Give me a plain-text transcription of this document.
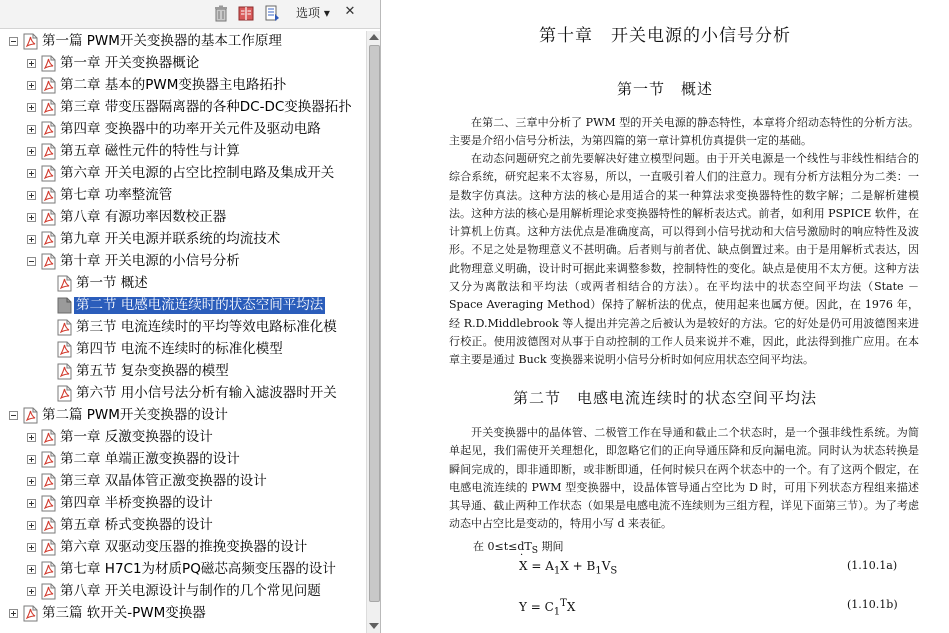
选项 ▾	✕
第一篇 PWM开关变换器的基本工作原理
第一章 开关变换器概论
第二章 基本的PWM变换器主电路拓扑
第三章 带变压器隔离器的各种DC-DC变换器拓扑
第四章 变换器中的功率开关元件及驱动电路
第五章 磁性元件的特性与计算
第六章 开关电源的占空比控制电路及集成开关
第七章 功率整流管
第八章 有源功率因数校正器
第九章 开关电源并联系统的均流技术
第十章 开关电源的小信号分析
第一节 概述
第二节 电感电流连续时的状态空间平均法
第三节 电流连续时的平均等效电路标准化模
第四节 电流不连续时的标准化模型
第五节 复杂变换器的模型
第六节 用小信号法分析有输入滤波器时开关
第二篇 PWM开关变换器的设计
第一章 反激变换器的设计
第二章 单端正激变换器的设计
第三章 双晶体管正激变换器的设计
第四章 半桥变换器的设计
第五章 桥式变换器的设计
第六章 双驱动变压器的推挽变换器的设计
第七章 H7C1为材质PQ磁芯高频变压器的设计
第八章 开关电源设计与制作的几个常见问题
第三篇 软开关-PWM变换器
第十章　开关电源的小信号分析
第一节　概述

在第二、三章中分析了 PWM 型的开关电源的静态特性，本章将介绍动态特性的分析方法。主要是介绍小信号分析法，为第四篇的第一章计算机仿真提供一定的基础。

在动态问题研究之前先要解决好建立模型问题。由于开关电源是一个线性与非线性相结合的综合系统，研究起来不太容易，所以，一直吸引着人们的注意力。现有分析方法粗分为二类：一是数字仿真法。这种方法的核心是用适合的某一种算法求变换器特性的数字解；二是解析建模法。这种方法的核心是用解析理论求变换器特性的解析表达式。前者，如利用 PSPICE 软件，在计算机上仿真。这种方法优点是准确度高，可以得到小信号扰动和大信号激励时的响应特性及波形。不足之处是物理意义不甚明确。后者则与前者优、缺点倒置过来。由于是用解析式表达，因此物理意义明确，设计时可据此来调整参数，控制特性的变化。缺点是使用不太方便。这种方法又分为离散法和平均法（或两者相结合的方法）。在平均法中的状态空间平均法（State － Space Averaging Method）保持了解析法的优点，使用起来也属方便。因此，在 1976 年，经 R.D.Middlebrook 等人提出并完善之后被认为是较好的方法。它的好处是仍可用波德图来进行校正。使用波德图对从事于自动控制的工作人员来说并不难，因此，此法得到推广应用。在本章主要是通过 Buck 变换器来说明小信号分析时如何应用状态空间平均法。

第二节　电感电流连续时的状态空间平均法

开关变换器中的晶体管、二极管工作在导通和截止二个状态时，是一个强非线性系统。为简单起见，我们需使开关理想化，即忽略它们的正向导通压降和反向漏电流。同时认为状态转换是瞬间完成的，即非通即断，或非断即通，任何时候只在两个状态中的一个。有了这两个假定，在电感电流连续的 PWM 型变换器中，设晶体管导通占空比为 D 时，可用下列状态方程组来描述其导通、截止两种工作状态（如果是电感电流不连续则为三组方程，详见下面第三节）。为了考虑动态中占空比是变动的，特用小写 d 来表征。

在 $0\le t\le dT_S$ 期间
·
$X = A_1X + B_1V_S$	(1.10.1a)
$Y = C_1^TX$	(1.10.1b)
